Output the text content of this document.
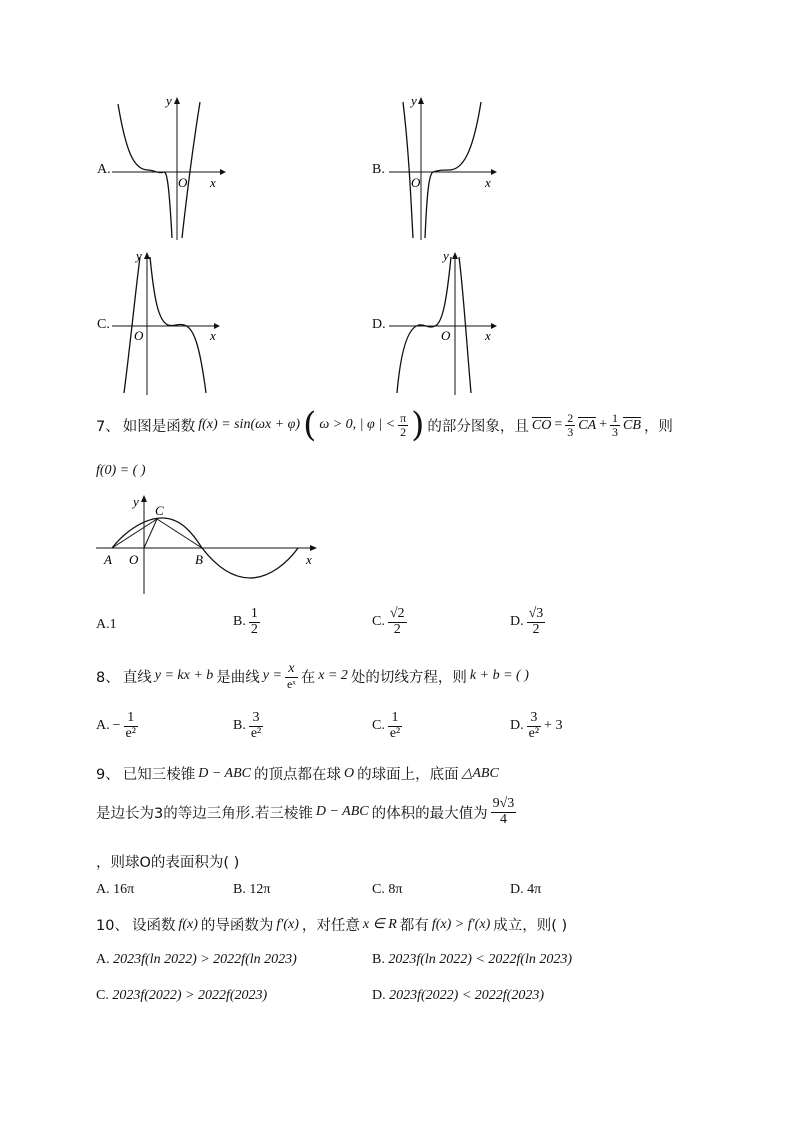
A.
y
x
O
B.
y
x
O
C.
y
x
O
D.
y
x
O
7、 如图是函数 f(x) = sin(ωx + φ) ( ω > 0, | φ | < $\frac{\pi}{2}$ ) 的部分图象，且 CO = $\frac{2}{3}$ CA + $\frac{1}{3}$ CB ，则
f(0) = ( )
y
C
A O	B	x
A.1	B. $\frac{1}{2}$	C. $\frac{√2}{2}$	D. $\frac{√3}{2}$
8、 直线 y = kx + b 是曲线 $y = \frac{x}{\text{eˣ}}$ 在 x = 2 处的切线方程，则 k + b = ( )
A. − $\frac{1}{\text{e²}}$	B. $\frac{3}{\text{e²}}$	C. $\frac{1}{\text{e²}}$	D. $\frac{3}{\text{e²}} + 3$
9、 已知三棱锥 D − ABC 的顶点都在球 O 的球面上，底面 △ABC
是边长为3的等边三角形.若三棱锥 D − ABC 的体积的最大值为 $\frac{9√3}{4}$
，则球O的表面积为( )
A. 16π	B. 12π	C. 8π	D. 4π
10、 设函数 f(x) 的导函数为 f′(x) ，对任意 x ∈ R 都有 f(x) > f′(x) 成立，则( )
A. 2023f(ln 2022) > 2022f(ln 2023)	B. 2023f(ln 2022) < 2022f(ln 2023)
C. 2023f(2022) > 2022f(2023)	D. 2023f(2022) < 2022f(2023)
